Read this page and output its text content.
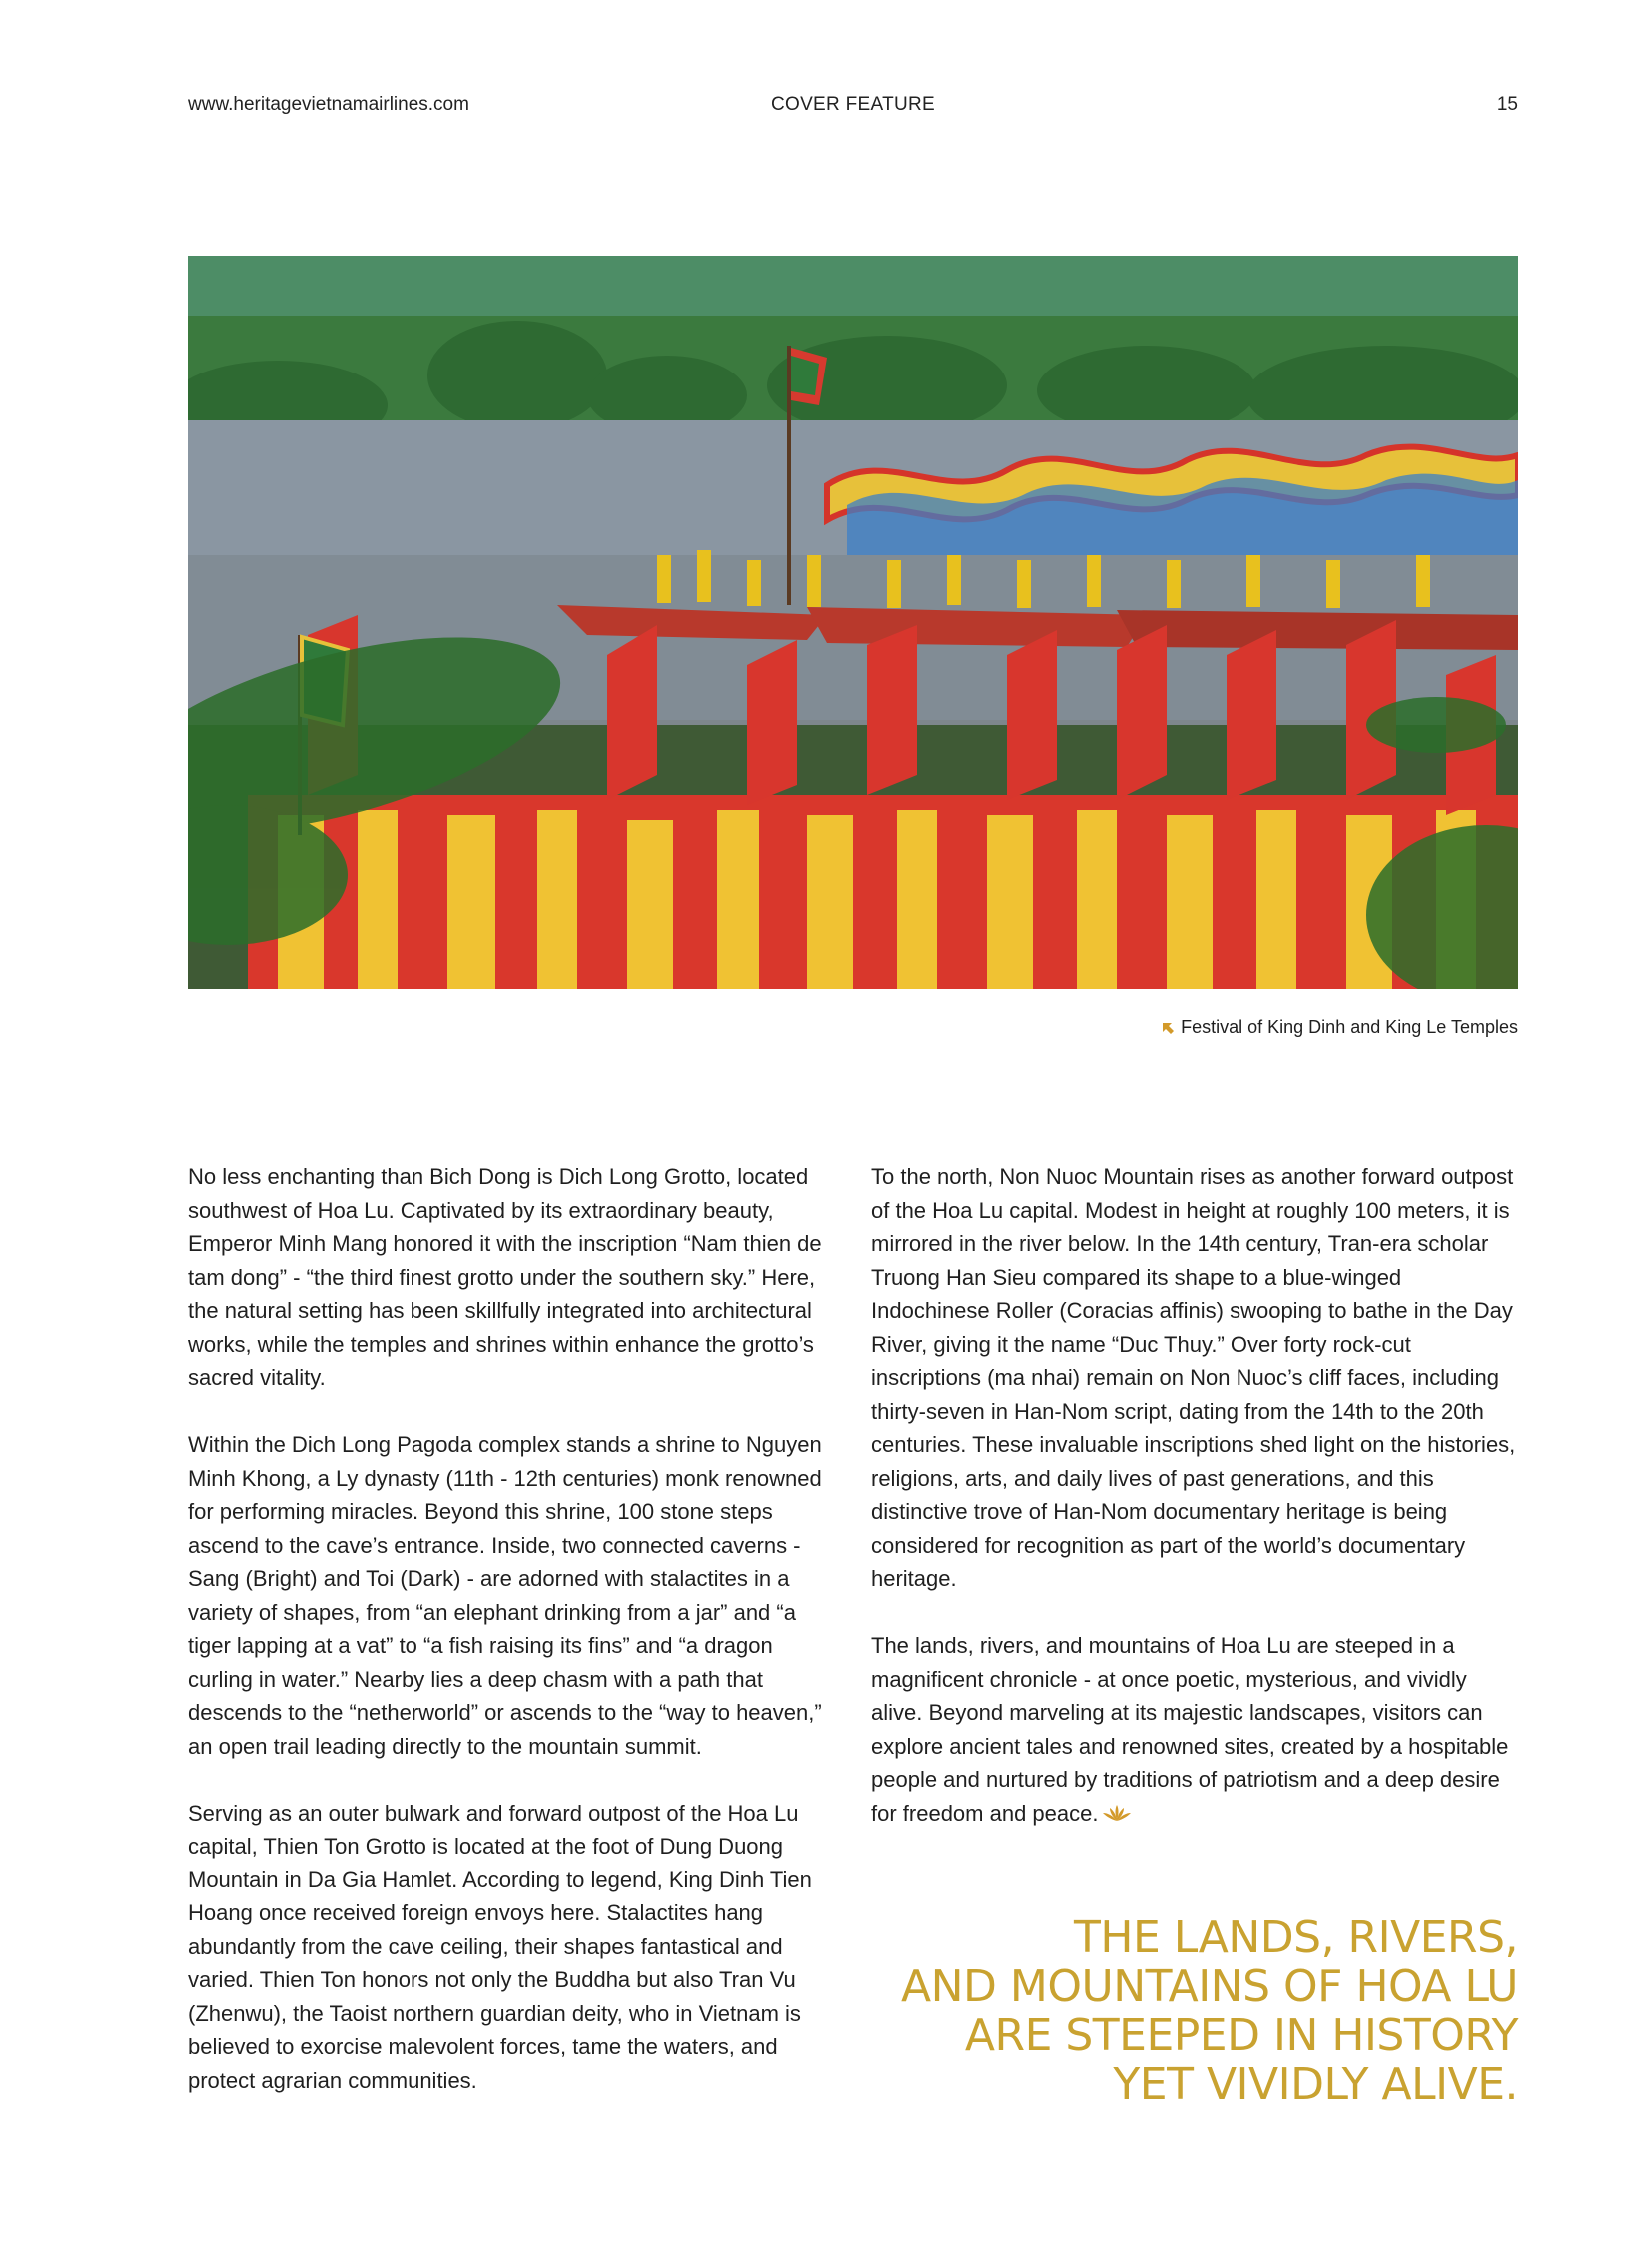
www.heritagevietnamairlines.com	COVER FEATURE	15
Festival of King Dinh and King Le Temples

No less enchanting than Bich Dong is Dich Long Grotto, located southwest of Hoa Lu. Captivated by its extraordinary beauty, Emperor Minh Mang honored it with the inscription “Nam thien de tam dong” - “the third finest grotto under the southern sky.” Here, the natural setting has been skillfully integrated into architectural works, while the temples and shrines within enhance the grotto’s sacred vitality.

Within the Dich Long Pagoda complex stands a shrine to Nguyen Minh Khong, a Ly dynasty (11th - 12th centuries) monk renowned for performing miracles. Beyond this shrine, 100 stone steps ascend to the cave’s entrance. Inside, two connected caverns - Sang (Bright) and Toi (Dark) - are adorned with stalactites in a variety of shapes, from “an elephant drinking from a jar” and “a tiger lapping at a vat” to “a fish raising its fins” and “a dragon curling in water.” Nearby lies a deep chasm with a path that descends to the “netherworld” or ascends to the “way to heaven,” an open trail leading directly to the mountain summit.

Serving as an outer bulwark and forward outpost of the Hoa Lu capital, Thien Ton Grotto is located at the foot of Dung Duong Mountain in Da Gia Hamlet. According to legend, King Dinh Tien Hoang once received foreign envoys here. Stalactites hang abundantly from the cave ceiling, their shapes fantastical and varied. Thien Ton honors not only the Buddha but also Tran Vu (Zhenwu), the Taoist northern guardian deity, who in Vietnam is believed to exorcise malevolent forces, tame the waters, and protect agrarian communities.

To the north, Non Nuoc Mountain rises as another forward outpost of the Hoa Lu capital. Modest in height at roughly 100 meters, it is mirrored in the river below. In the 14th century, Tran-era scholar Truong Han Sieu compared its shape to a blue-winged Indochinese Roller (Coracias affinis) swooping to bathe in the Day River, giving it the name “Duc Thuy.” Over forty rock-cut inscriptions (ma nhai) remain on Non Nuoc’s cliff faces, including thirty-seven in Han-Nom script, dating from the 14th to the 20th centuries. These invaluable inscriptions shed light on the histories, religions, arts, and daily lives of past generations, and this distinctive trove of Han-Nom documentary heritage is being considered for recognition as part of the world’s documentary heritage.

The lands, rivers, and mountains of Hoa Lu are steeped in a magnificent chronicle - at once poetic, mysterious, and vividly alive. Beyond marveling at its majestic landscapes, visitors can explore ancient tales and renowned sites, created by a hospitable people and nurtured by traditions of patriotism and a deep desire for freedom and peace.

THE LANDS, RIVERS,
AND MOUNTAINS OF HOA LU
ARE STEEPED IN HISTORY
YET VIVIDLY ALIVE.
